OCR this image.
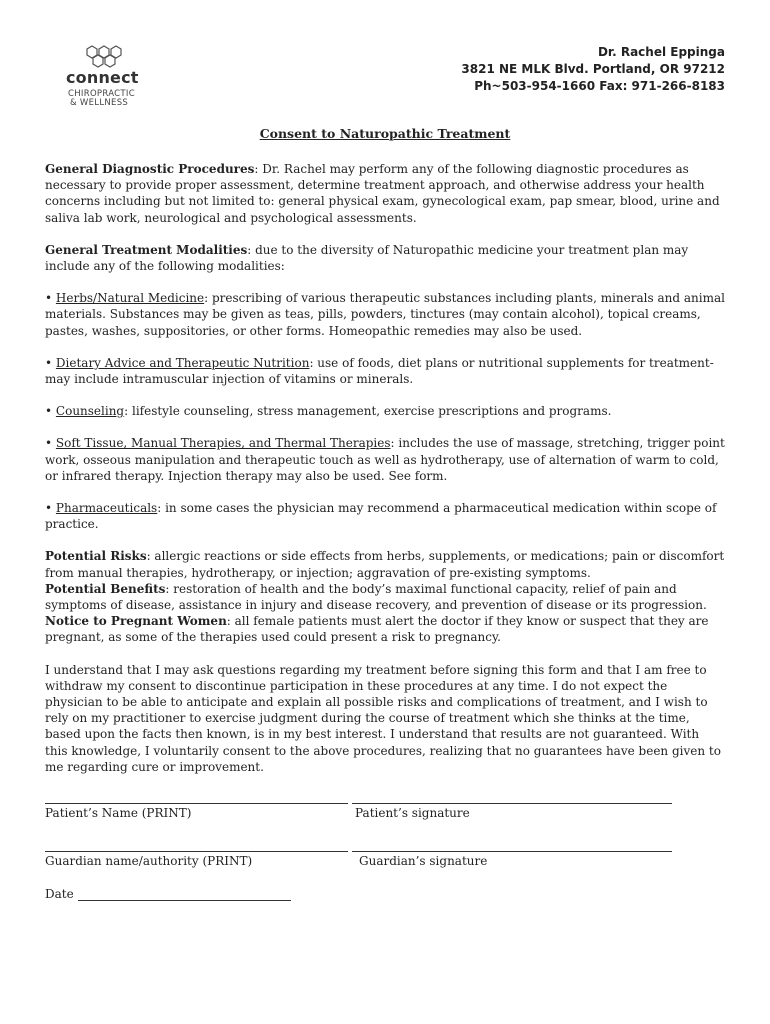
connect
CHIROPRACTIC
& WELLNESS
Dr. Rachel Eppinga
3821 NE MLK Blvd. Portland, OR 97212
Ph~503-954-1660 Fax: 971-266-8183
Consent to Naturopathic Treatment

General Diagnostic Procedures: Dr. Rachel may perform any of the following diagnostic procedures as necessary to provide proper assessment, determine treatment approach, and otherwise address your health concerns including but not limited to: general physical exam, gynecological exam, pap smear, blood, urine and saliva lab work, neurological and psychological assessments.

General Treatment Modalities: due to the diversity of Naturopathic medicine your treatment plan may include any of the following modalities:

• Herbs/Natural Medicine: prescribing of various therapeutic substances including plants, minerals and animal materials. Substances may be given as teas, pills, powders, tinctures (may contain alcohol), topical creams, pastes, washes, suppositories, or other forms. Homeopathic remedies may also be used.

• Dietary Advice and Therapeutic Nutrition: use of foods, diet plans or nutritional supplements for treatment-may include intramuscular injection of vitamins or minerals.

• Counseling: lifestyle counseling, stress management, exercise prescriptions and programs.

• Soft Tissue, Manual Therapies, and Thermal Therapies: includes the use of massage, stretching, trigger point work, osseous manipulation and therapeutic touch as well as hydrotherapy, use of alternation of warm to cold, or infrared therapy. Injection therapy may also be used. See form.

• Pharmaceuticals: in some cases the physician may recommend a pharmaceutical medication within scope of practice.

Potential Risks: allergic reactions or side effects from herbs, supplements, or medications; pain or discomfort from manual therapies, hydrotherapy, or injection; aggravation of pre-existing symptoms.

Potential Benefits: restoration of health and the body’s maximal functional capacity, relief of pain and symptoms of disease, assistance in injury and disease recovery, and prevention of disease or its progression.

Notice to Pregnant Women: all female patients must alert the doctor if they know or suspect that they are pregnant, as some of the therapies used could present a risk to pregnancy.

I understand that I may ask questions regarding my treatment before signing this form and that I am free to withdraw my consent to discontinue participation in these procedures at any time. I do not expect the physician to be able to anticipate and explain all possible risks and complications of treatment, and I wish to rely on my practitioner to exercise judgment during the course of treatment which she thinks at the time, based upon the facts then known, is in my best interest. I understand that results are not guaranteed. With this knowledge, I voluntarily consent to the above procedures, realizing that no guarantees have been given to me regarding cure or improvement.

Patient’s Name (PRINT)	Patient’s signature
Guardian name/authority (PRINT)	Guardian’s signature
Date
